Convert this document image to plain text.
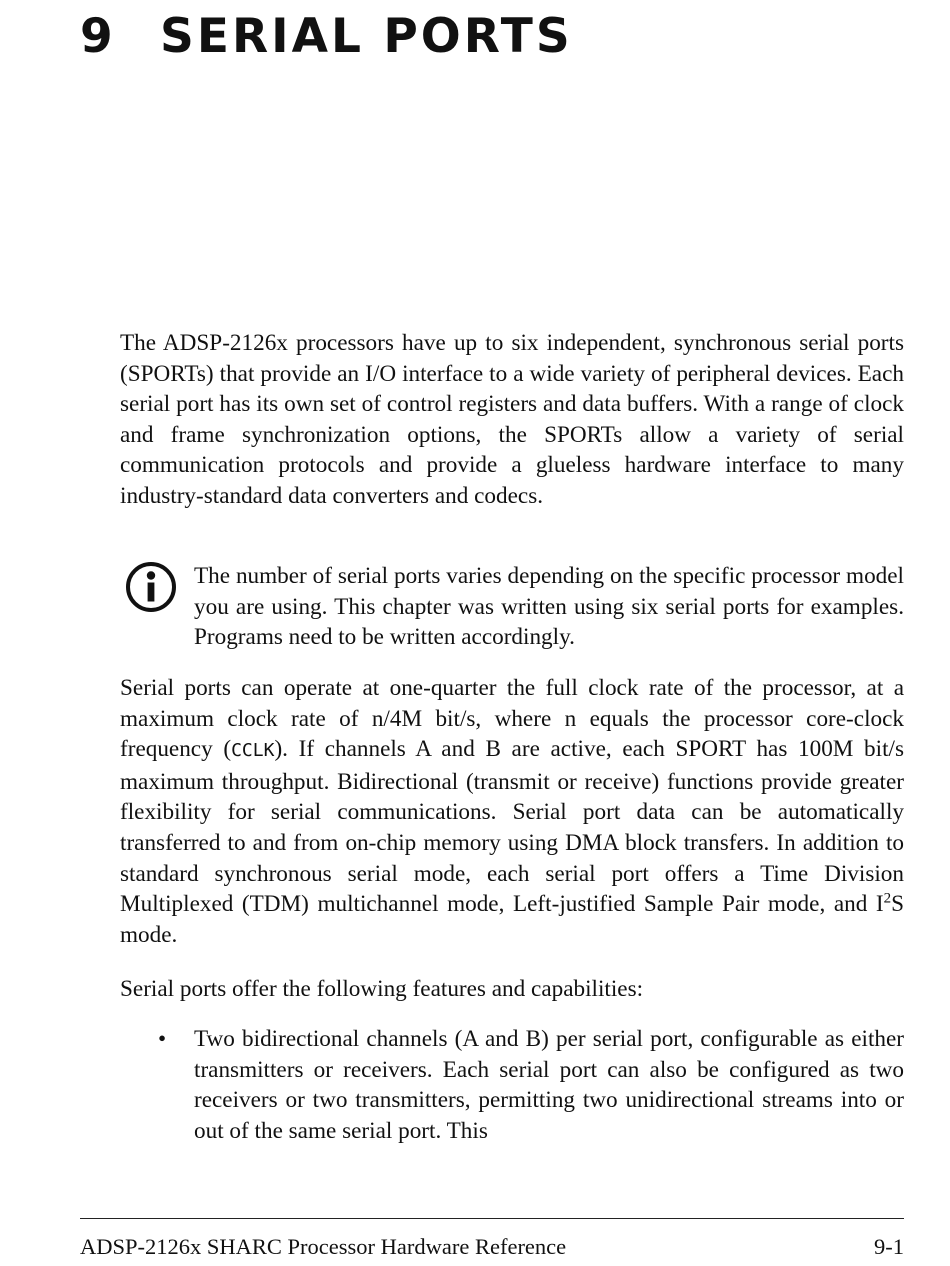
9 SERIAL PORTS

The ADSP-2126x processors have up to six independent, synchronous serial ports (SPORTs) that provide an I/O interface to a wide variety of peripheral devices. Each serial port has its own set of control registers and data buffers. With a range of clock and frame synchronization options, the SPORTs allow a variety of serial communication protocols and provide a glueless hardware interface to many industry-standard data converters and codecs.

The number of serial ports varies depending on the specific processor model you are using. This chapter was written using six serial ports for examples. Programs need to be written accordingly.

Serial ports can operate at one-quarter the full clock rate of the processor, at a maximum clock rate of n/4M bit/s, where n equals the processor core-clock frequency (CCLK). If channels A and B are active, each SPORT has 100M bit/s maximum throughput. Bidirectional (transmit or receive) functions provide greater flexibility for serial communications. Serial port data can be automatically transferred to and from on-chip memory using DMA block transfers. In addition to standard synchronous serial mode, each serial port offers a Time Division Multiplexed (TDM) multichannel mode, Left-justified Sample Pair mode, and $I^2S$ mode.

Serial ports offer the following features and capabilities:

• Two bidirectional channels (A and B) per serial port, configurable as either transmitters or receivers. Each serial port can also be configured as two receivers or two transmitters, permitting two unidirectional streams into or out of the same serial port. This

ADSP-2126x SHARC Processor Hardware Reference	9-1
